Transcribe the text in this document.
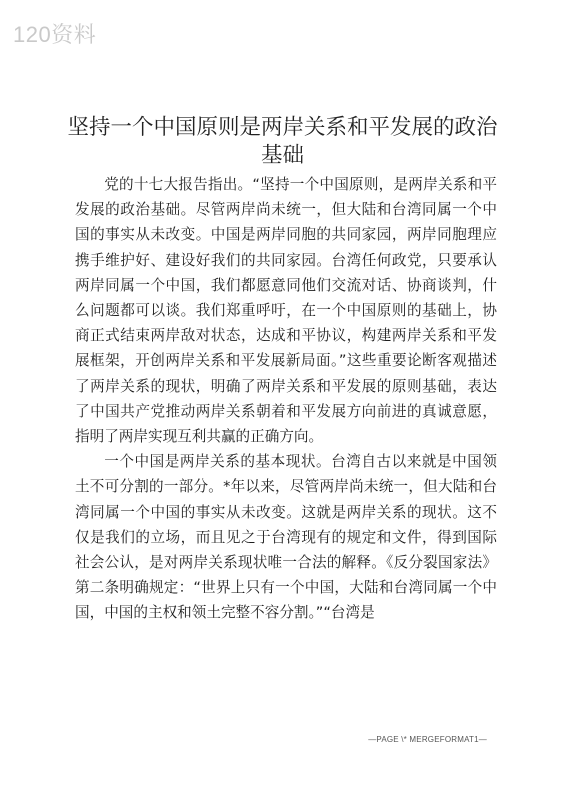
120资料
坚持一个中国原则是两岸关系和平发展的政治基础

党的十七大报告指出。“坚持一个中国原则，是两岸关系和平发展的政治基础。尽管两岸尚未统一，但大陆和台湾同属一个中国的事实从未改变。中国是两岸同胞的共同家园，两岸同胞理应携手维护好、建设好我们的共同家园。台湾任何政党，只要承认两岸同属一个中国，我们都愿意同他们交流对话、协商谈判，什么问题都可以谈。我们郑重呼吁，在一个中国原则的基础上，协商正式结束两岸敌对状态，达成和平协议，构建两岸关系和平发展框架，开创两岸关系和平发展新局面。”这些重要论断客观描述了两岸关系的现状，明确了两岸关系和平发展的原则基础，表达了中国共产党推动两岸关系朝着和平发展方向前进的真诚意愿，指明了两岸实现互利共赢的正确方向。

一个中国是两岸关系的基本现状。台湾自古以来就是中国领土不可分割的一部分。*年以来，尽管两岸尚未统一，但大陆和台湾同属一个中国的事实从未改变。这就是两岸关系的现状。这不仅是我们的立场，而且见之于台湾现有的规定和文件，得到国际社会公认，是对两岸关系现状唯一合法的解释。《反分裂国家法》第二条明确规定：“世界上只有一个中国，大陆和台湾同属一个中国，中国的主权和领土完整不容分割。”“台湾是

—PAGE \* MERGEFORMAT1—
